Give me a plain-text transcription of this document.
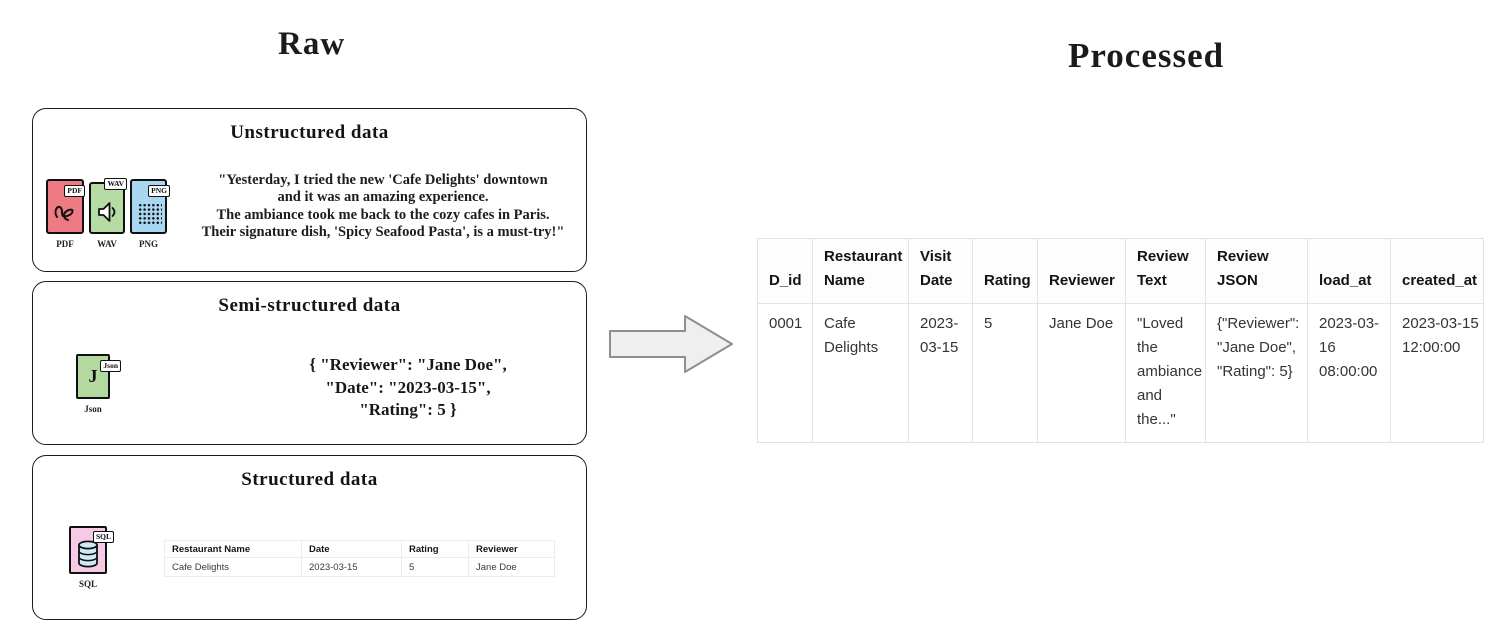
Raw	Processed
Unstructured data
PDF
PDF
WAV
WAV
PNG
PNG
"Yesterday, I tried the new 'Cafe Delights' downtown
and it was an amazing experience.
The ambiance took me back to the cozy cafes in Paris.
Their signature dish, 'Spicy Seafood Pasta', is a must-try!"
Semi-structured data
Json
J
Json
{ "Reviewer": "Jane Doe",
"Date": "2023-03-15",
"Rating": 5 }
Structured data
SQL
SQL
Restaurant Name	Date	Rating	Reviewer
Cafe Delights	2023-03-15	5	Jane Doe
D_id	Restaurant Name	Visit Date	Rating	Reviewer	Review Text	Review JSON	load_at	created_at
0001	Cafe Delights	2023-03-15	5	Jane Doe	"Loved the ambiance and the..."	{"Reviewer": "Jane Doe", "Rating": 5}	2023-03-16 08:00:00	2023-03-15 12:00:00
